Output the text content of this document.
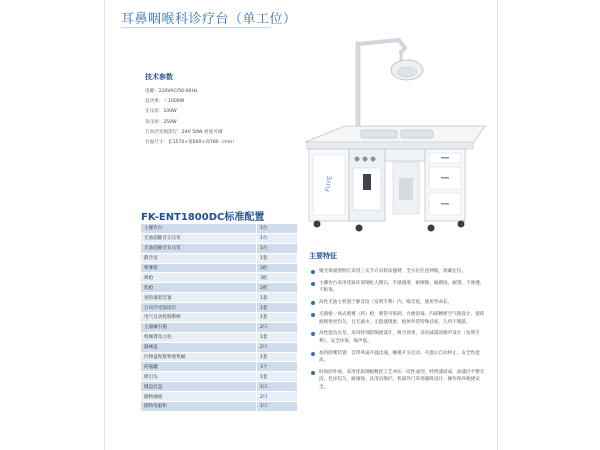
耳鼻咽喉科诊疗台（单工位）
技术参数
电源：220VAC/50-60Hz
总功率：＜1000W
正压泵：100W
负压泵：250W
万向冷光阅读灯：24V 50W 亮度可调
台面尺寸：长1570×宽600×高780（mm）
FUYE
FK-ENT1800DC标准配置
主操作台	1台
无油超静音正压泵	1台
无油超静音负压泵	1台
静音仪	1套
喷雾枪	3把
吸枪	3把
吹枪	2把
预热器套装置	1套
万向冷光阅读灯	1套
电气自动控制系统	1套
主器械引瓶	2只
机械臂及立柱	1套
器械盘	2只
污物盘和废物收集桶	1套
药瓶罐	3个
吸引头	1套
键盘托盘	1只
储物抽屉	2只
储物电脑柜	1只
主要特征
聚光斑面照明灯采用三关节方向转动悬臂，全方位任意伸缩，准确定位。
主操作台采用优质环保钢化大理石，手感润滑、耐摩擦、耐腐蚀、耐刮、不渗透、不粘染。
高性无油主机置于静音仪（发明专利）内，噪音低，使用寿命长。
无菌枪一体式喷雾（药）枪，喷管可拆卸，方便消毒。内部精密空气路设计，使药液喷射更均匀，且无滴水，无阻塞现象，枪体外装特殊挂座，久用不脱落。
高性能负压泵，采用特别防倒流设计，吸空效果，采用减震的噪声设计（发明专利），安全环保，噪声低。
加热除雾装置：自带风扇升温迅速，触摸开关启动，开温后自动停止，安全性能高。
时尚的外观，采用优质钢板数控工艺冲压一次性成型，经烤漆而成，油漆层平整光洁，色泽均匀，耐腐蚀。具清洁维护。机箱外门采用磁吸设计，操作保养便捷安全。
